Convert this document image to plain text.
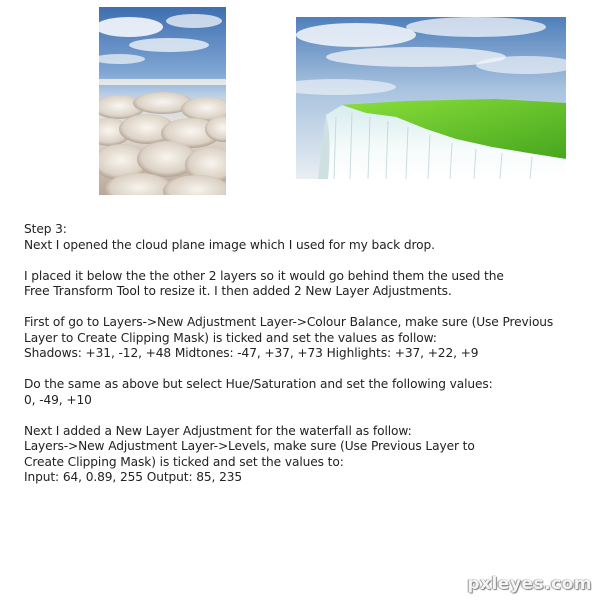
Step 3:

Next I opened the cloud plane image which I used for my back drop.

I placed it below the the other 2 layers so it would go behind them the used the

Free Transform Tool to resize it. I then added 2 New Layer Adjustments.

First of go to Layers->New Adjustment Layer->Colour Balance, make sure (Use Previous

Layer to Create Clipping Mask) is ticked and set the values as follow:

Shadows: +31, -12, +48 Midtones: -47, +37, +73 Highlights: +37, +22, +9

Do the same as above but select Hue/Saturation and set the following values:

0, -49, +10

Next I added a New Layer Adjustment for the waterfall as follow:

Layers->New Adjustment Layer->Levels, make sure (Use Previous Layer to

Create Clipping Mask) is ticked and set the values to:

Input: 64, 0.89, 255 Output: 85, 235

pxleyes.com
